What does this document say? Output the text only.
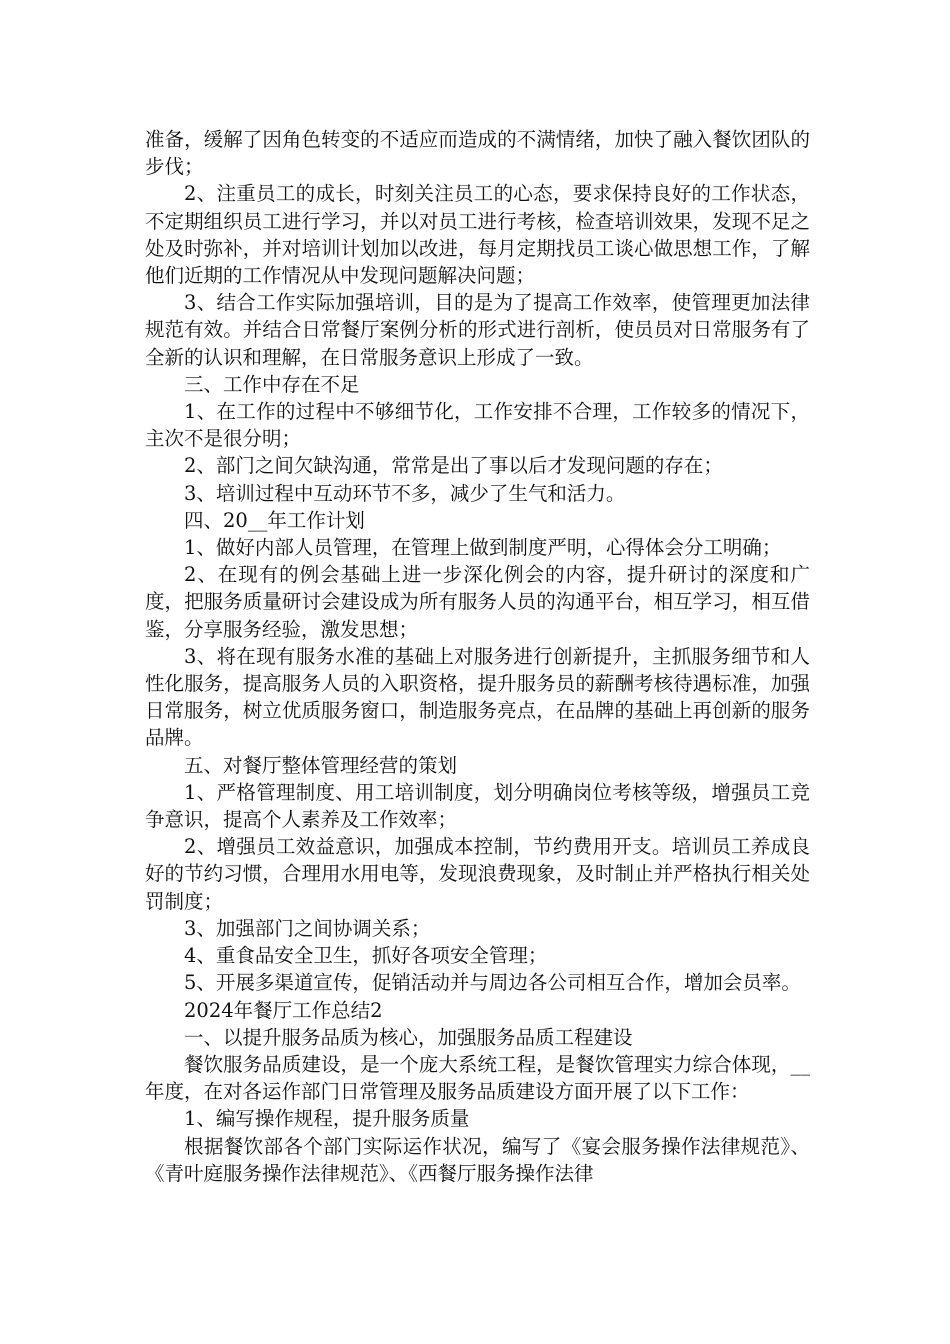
准备，缓解了因角色转变的不适应而造成的不满情绪，加快了融入餐饮团队的步伐；

2、注重员工的成长，时刻关注员工的心态，要求保持良好的工作状态，不定期组织员工进行学习，并以对员工进行考核，检查培训效果，发现不足之处及时弥补，并对培训计划加以改进，每月定期找员工谈心做思想工作，了解他们近期的工作情况从中发现问题解决问题；

3、结合工作实际加强培训，目的是为了提高工作效率，使管理更加法律规范有效。并结合日常餐厅案例分析的形式进行剖析，使员员对日常服务有了全新的认识和理解，在日常服务意识上形成了一致。

三、工作中存在不足

1、在工作的过程中不够细节化，工作安排不合理，工作较多的情况下，主次不是很分明；

2、部门之间欠缺沟通，常常是出了事以后才发现问题的存在；

3、培训过程中互动环节不多，减少了生气和活力。

四、20__年工作计划

1、做好内部人员管理，在管理上做到制度严明，心得体会分工明确；

2、在现有的例会基础上进一步深化例会的内容，提升研讨的深度和广度，把服务质量研讨会建设成为所有服务人员的沟通平台，相互学习，相互借鉴，分享服务经验，激发思想；

3、将在现有服务水准的基础上对服务进行创新提升，主抓服务细节和人性化服务，提高服务人员的入职资格，提升服务员的薪酬考核待遇标准，加强日常服务，树立优质服务窗口，制造服务亮点，在品牌的基础上再创新的服务品牌。

五、对餐厅整体管理经营的策划

1、严格管理制度、用工培训制度，划分明确岗位考核等级，增强员工竞争意识，提高个人素养及工作效率；

2、增强员工效益意识，加强成本控制，节约费用开支。培训员工养成良好的节约习惯，合理用水用电等，发现浪费现象，及时制止并严格执行相关处罚制度；

3、加强部门之间协调关系；

4、重食品安全卫生，抓好各项安全管理；

5、开展多渠道宣传，促销活动并与周边各公司相互合作，增加会员率。

2024年餐厅工作总结2

一、以提升服务品质为核心，加强服务品质工程建设

餐饮服务品质建设，是一个庞大系统工程，是餐饮管理实力综合体现，__年度，在对各运作部门日常管理及服务品质建设方面开展了以下工作：

1、编写操作规程，提升服务质量

根据餐饮部各个部门实际运作状况，编写了《宴会服务操作法律规范》、《青叶庭服务操作法律规范》、《西餐厅服务操作法律
